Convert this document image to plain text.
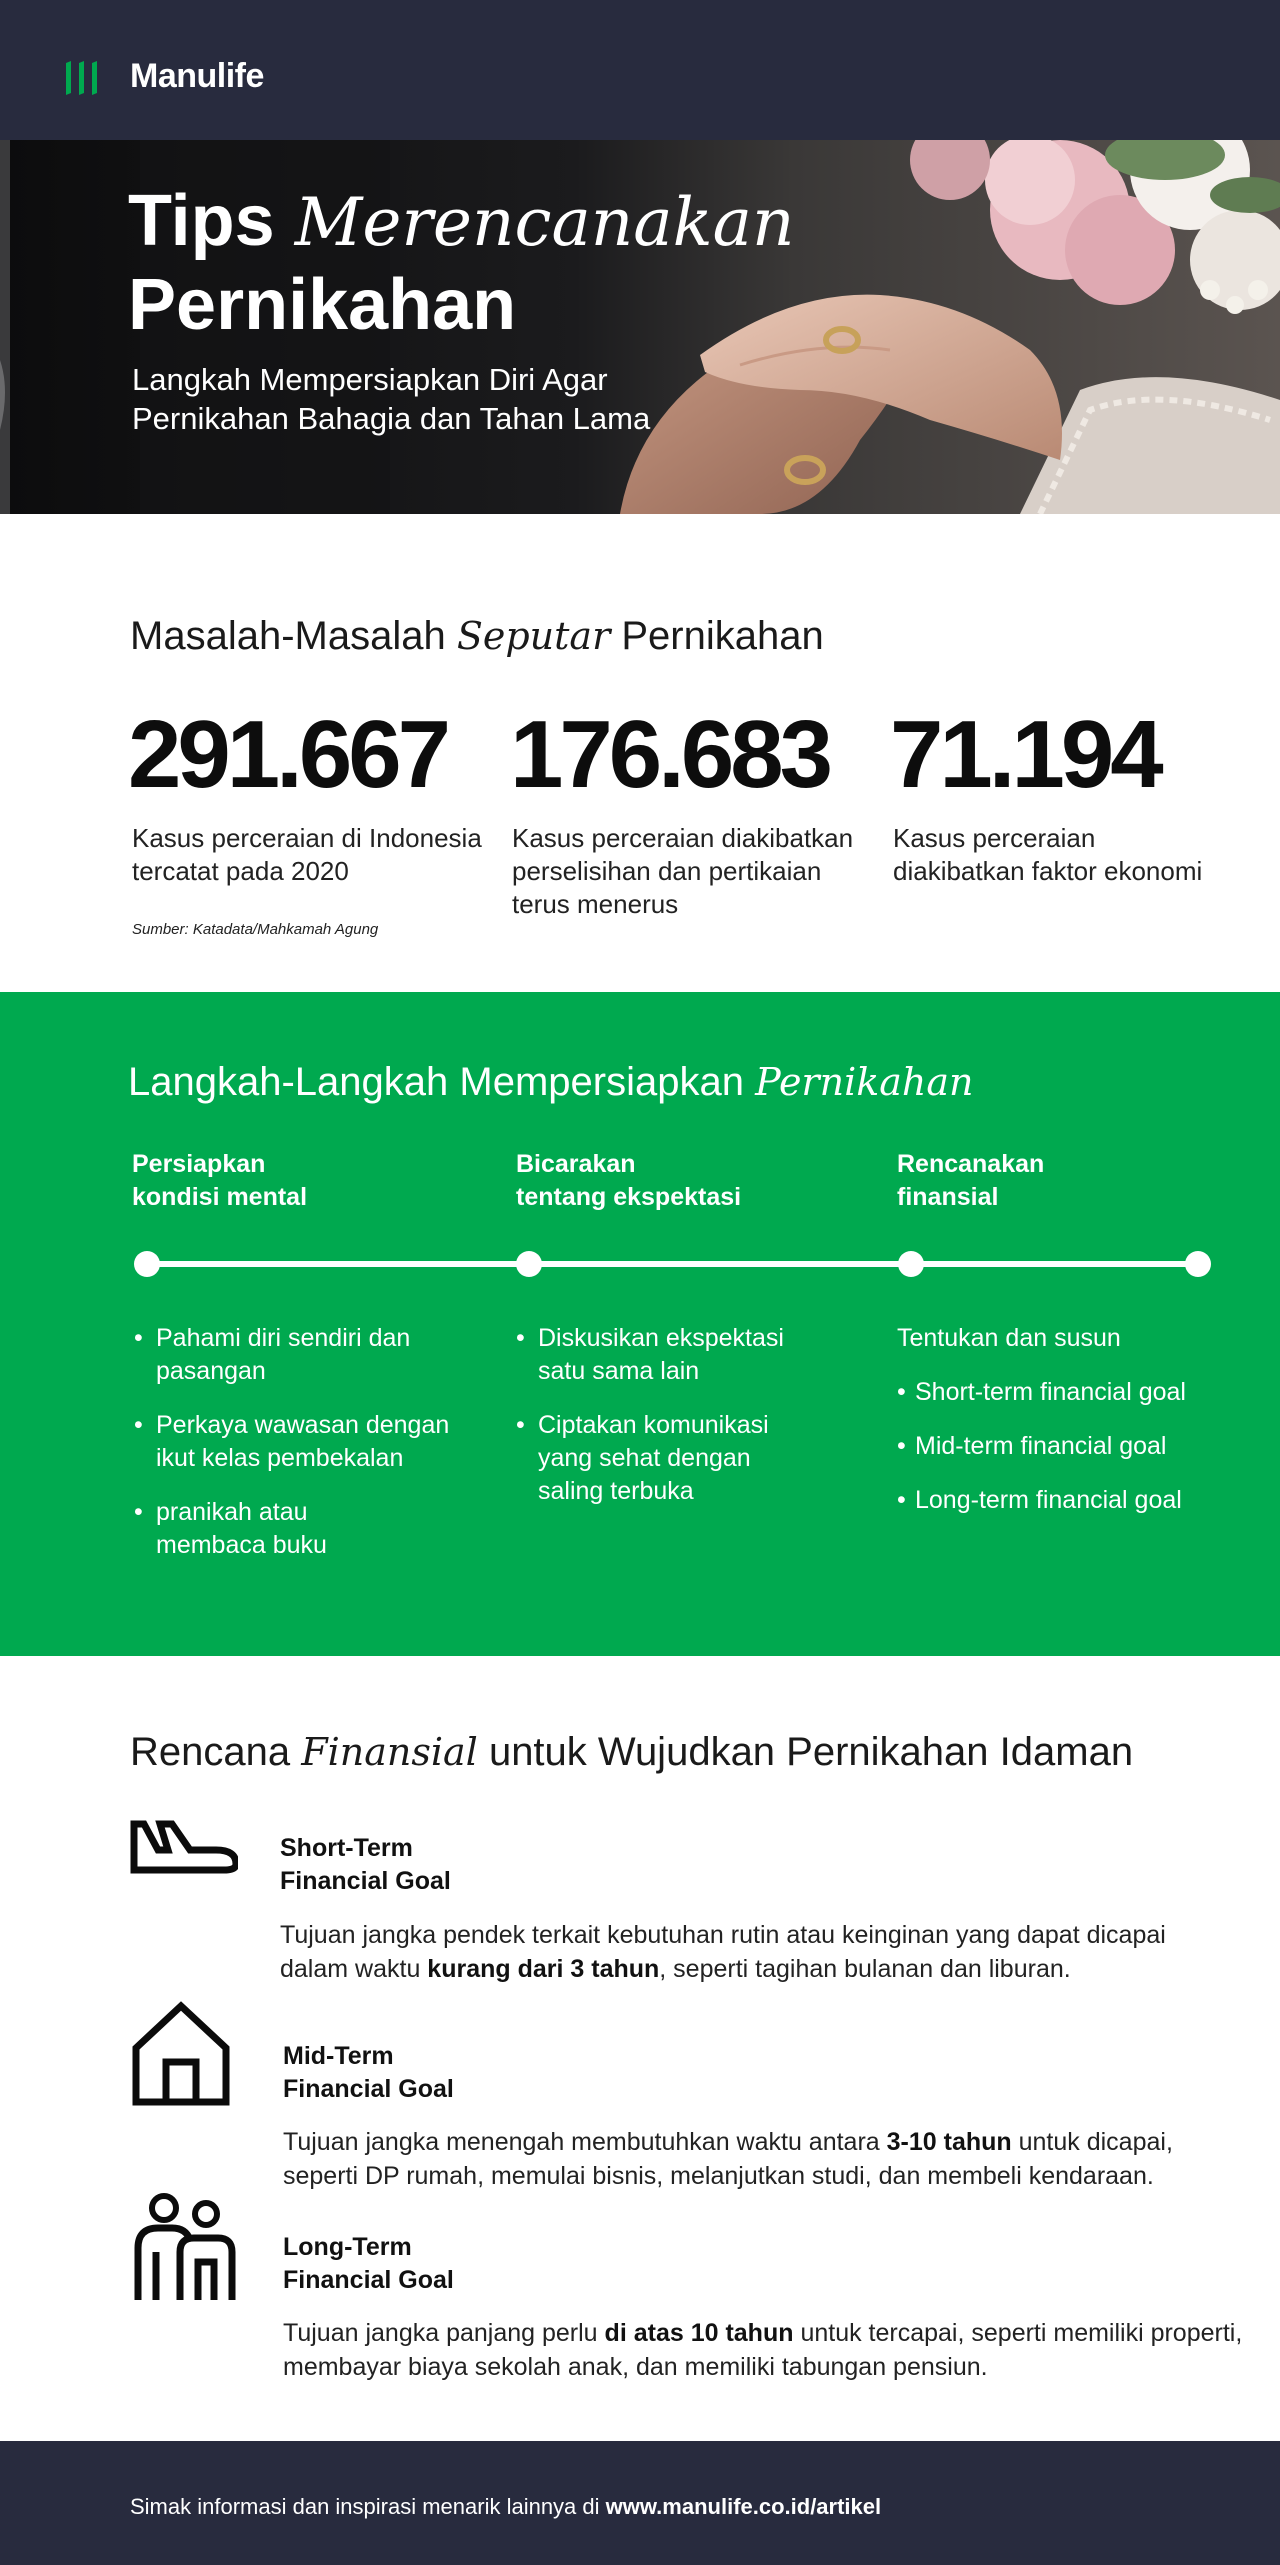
Manulife
Tips Merencanakan
Pernikahan
Langkah Mempersiapkan Diri Agar
Pernikahan Bahagia dan Tahan Lama
Masalah-Masalah Seputar Pernikahan
291.667 176.683 71.194
Kasus perceraian di Indonesia
tercatat pada 2020
Kasus perceraian diakibatkan
perselisihan dan pertikaian
terus menerus
Kasus perceraian
diakibatkan faktor ekonomi
Sumber: Katadata/Mahkamah Agung
Langkah-Langkah Mempersiapkan Pernikahan
Persiapkan
kondisi mental
Bicarakan
tentang ekspektasi
Rencanakan
finansial
• Pahami diri sendiri dan pasangan
• Perkaya wawasan dengan ikut kelas pembekalan
• pranikah atau membaca buku
• Diskusikan ekspektasi satu sama lain
• Ciptakan komunikasi yang sehat dengan saling terbuka
Tentukan dan susun
• Short-term financial goal
• Mid-term financial goal
• Long-term financial goal
Rencana Finansial untuk Wujudkan Pernikahan Idaman
Short-Term
Financial Goal
Tujuan jangka pendek terkait kebutuhan rutin atau keinginan yang dapat dicapai dalam waktu kurang dari 3 tahun, seperti tagihan bulanan dan liburan.
Mid-Term
Financial Goal
Tujuan jangka menengah membutuhkan waktu antara 3-10 tahun untuk dicapai, seperti DP rumah, memulai bisnis, melanjutkan studi, dan membeli kendaraan.
Long-Term
Financial Goal
Tujuan jangka panjang perlu di atas 10 tahun untuk tercapai, seperti memiliki properti, membayar biaya sekolah anak, dan memiliki tabungan pensiun.
Simak informasi dan inspirasi menarik lainnya di www.manulife.co.id/artikel
